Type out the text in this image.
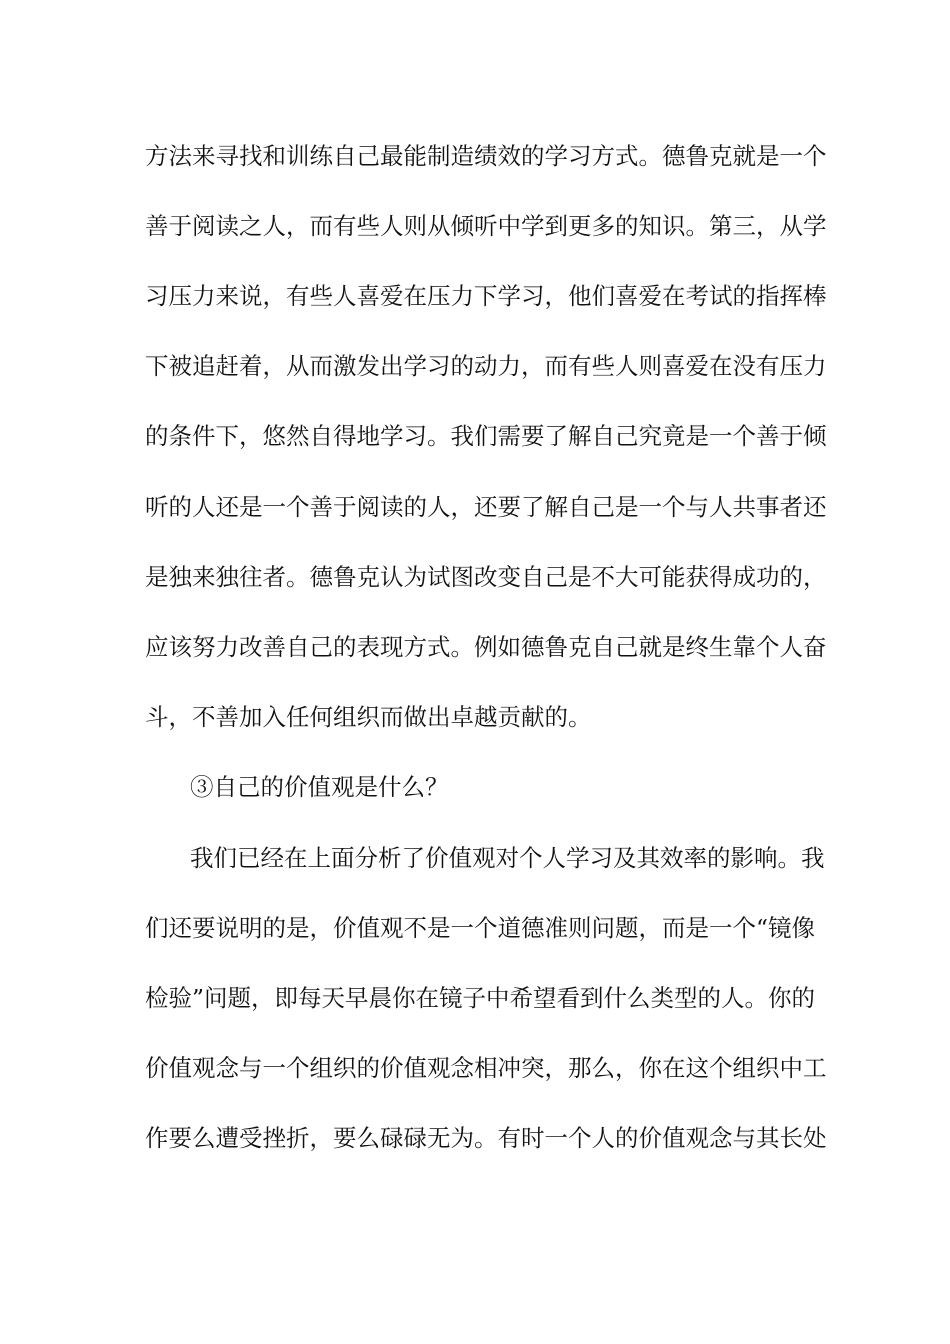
方法来寻找和训练自己最能制造绩效的学习方式。德鲁克就是一个
善于阅读之人，而有些人则从倾听中学到更多的知识。第三，从学
习压力来说，有些人喜爱在压力下学习，他们喜爱在考试的指挥棒
下被追赶着，从而激发出学习的动力，而有些人则喜爱在没有压力
的条件下，悠然自得地学习。我们需要了解自己究竟是一个善于倾
听的人还是一个善于阅读的人，还要了解自己是一个与人共事者还
是独来独往者。德鲁克认为试图改变自己是不大可能获得成功的，
应该努力改善自己的表现方式。例如德鲁克自己就是终生靠个人奋
斗，不善加入任何组织而做出卓越贡献的。
③自己的价值观是什么？
我们已经在上面分析了价值观对个人学习及其效率的影响。我
们还要说明的是，价值观不是一个道德准则问题，而是一个“镜像
检验”问题，即每天早晨你在镜子中希望看到什么类型的人。你的
价值观念与一个组织的价值观念相冲突，那么，你在这个组织中工
作要么遭受挫折，要么碌碌无为。有时一个人的价值观念与其长处
